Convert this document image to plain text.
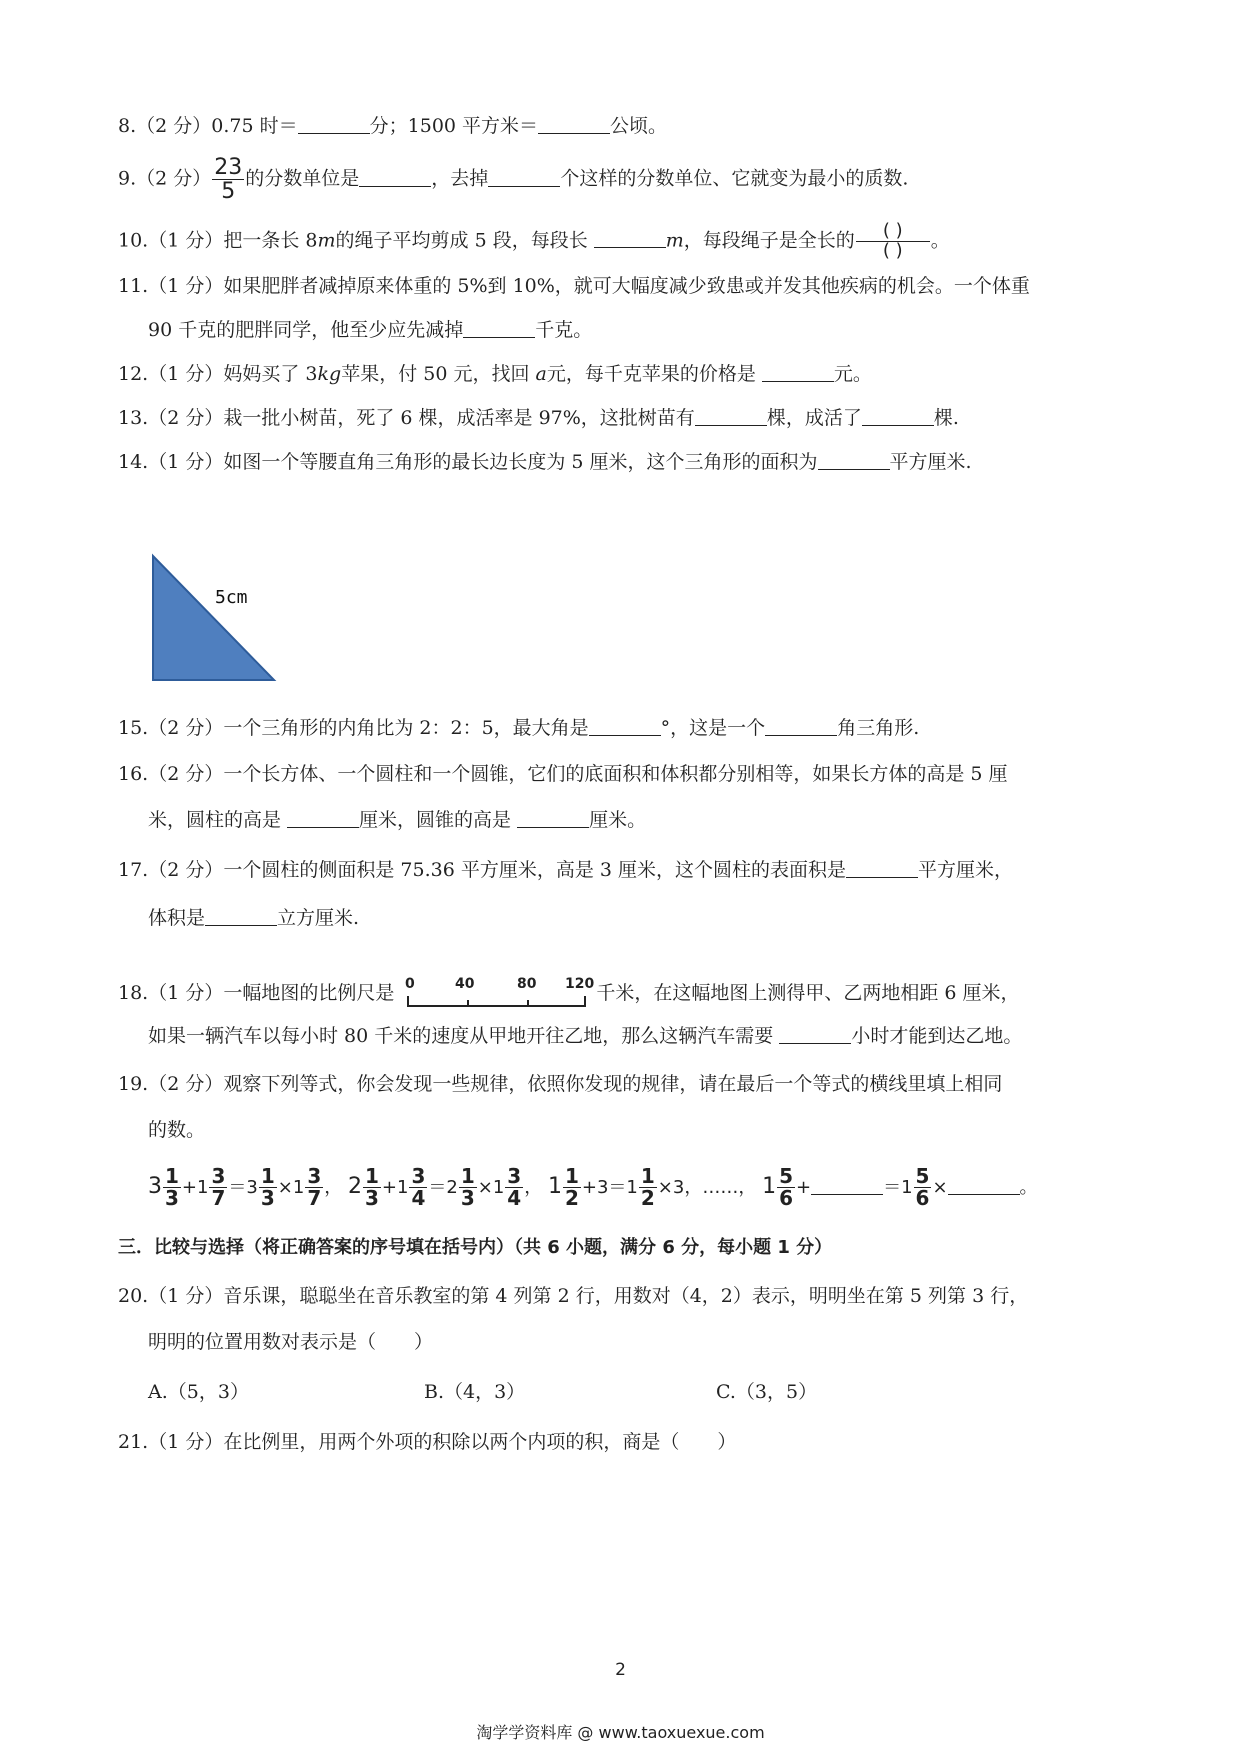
8.（2 分）0.75 时＝	分；1500 平方米＝	公顷。
9.（2 分） $\frac{23}{5}$ 的分数单位是	，去掉	个这样的分数单位、它就变为最小的质数.
10.（1 分）把一条长 8m的绳子平均剪成 5 段，每段长	m，每段绳子是全长的 $\frac{( )}{( )}$ 。
11.（1 分）如果肥胖者减掉原来体重的 5%到 10%，就可大幅度减少致患或并发其他疾病的机会。一个体重
90 千克的肥胖同学，他至少应先减掉	千克。
12.（1 分）妈妈买了 3kg苹果，付 50 元，找回 a元，每千克苹果的价格是	元。
13.（2 分）栽一批小树苗，死了 6 棵，成活率是 97%，这批树苗有	棵，成活了	棵.
14.（1 分）如图一个等腰直角三角形的最长边长度为 5 厘米，这个三角形的面积为	平方厘米.
5cm
15.（2 分）一个三角形的内角比为 2：2：5，最大角是	°，这是一个	角三角形.
16.（2 分）一个长方体、一个圆柱和一个圆锥，它们的底面积和体积都分别相等，如果长方体的高是 5 厘
米，圆柱的高是	厘米，圆锥的高是	厘米。
17.（2 分）一个圆柱的侧面积是 75.36 平方厘米，高是 3 厘米，这个圆柱的表面积是	平方厘米，
体积是	立方厘米.
18.（1 分）一幅地图的比例尺是 0	40	80 120 千米，在这幅地图上测得甲、乙两地相距 6 厘米，
如果一辆汽车以每小时 80 千米的速度从甲地开往乙地，那么这辆汽车需要	小时才能到达乙地。
19.（2 分）观察下列等式，你会发现一些规律，依照你发现的规律，请在最后一个等式的横线里填上相同
的数。
$3 \frac{1}{3} +1 \frac{3}{7} =3 \frac{1}{3} \times 1 \frac{3}{7}$ ， $2 \frac{1}{3} +1 \frac{3}{4} =2 \frac{1}{3} \times 1 \frac{3}{4}$ ， $1 \frac{1}{2} +3=1 \frac{1}{2} \times 3$，……， $1 \frac{5}{6}$ +	$=1 \frac{5}{6}$ ×	。
三．比较与选择（将正确答案的序号填在括号内）（共 6 小题，满分 6 分，每小题 1 分）
20.（1 分）音乐课，聪聪坐在音乐教室的第 4 列第 2 行，用数对（4，2）表示，明明坐在第 5 列第 3 行，
明明的位置用数对表示是（　　）
A.（5，3）	B.（4，3）	C.（3，5）
21.（1 分）在比例里，用两个外项的积除以两个内项的积，商是（　　）
2
淘学学资料库 @ www.taoxuexue.com
